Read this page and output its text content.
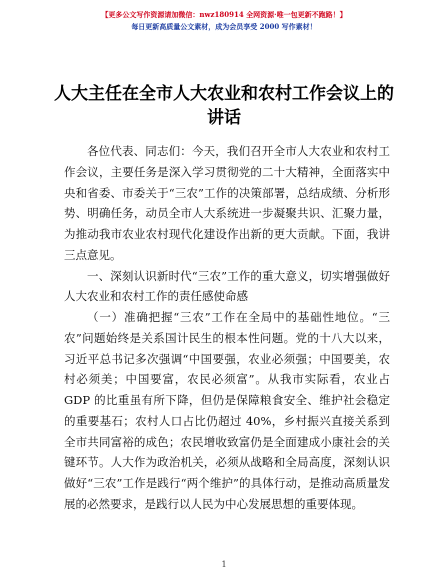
【更多公文写作资源请加微信：nwz180914 全网资源·唯一包更新不跑路！】
每日更新高质量公文素材，成为会员享受 2000 写作素材！
人大主任在全市人大农业和农村工作会议上的
讲话

各位代表、同志们：今天，我们召开全市人大农业和农村工作会议，主要任务是深入学习贯彻党的二十大精神，全面落实中央和省委、市委关于“三农”工作的决策部署，总结成绩、分析形势、明确任务，动员全市人大系统进一步凝聚共识、汇聚力量，为推动我市农业农村现代化建设作出新的更大贡献。下面，我讲三点意见。

一、深刻认识新时代“三农”工作的重大意义，切实增强做好人大农业和农村工作的责任感使命感

（一）准确把握“三农”工作在全局中的基础性地位。“三农”问题始终是关系国计民生的根本性问题。党的十八大以来，习近平总书记多次强调“中国要强，农业必须强；中国要美，农村必须美；中国要富，农民必须富”。从我市实际看，农业占 GDP 的比重虽有所下降，但仍是保障粮食安全、维护社会稳定的重要基石；农村人口占比仍超过 40%，乡村振兴直接关系到全市共同富裕的成色；农民增收致富仍是全面建成小康社会的关键环节。人大作为政治机关，必须从战略和全局高度，深刻认识做好“三农”工作是践行“两个维护”的具体行动，是推动高质量发展的必然要求，是践行以人民为中心发展思想的重要体现。

1
